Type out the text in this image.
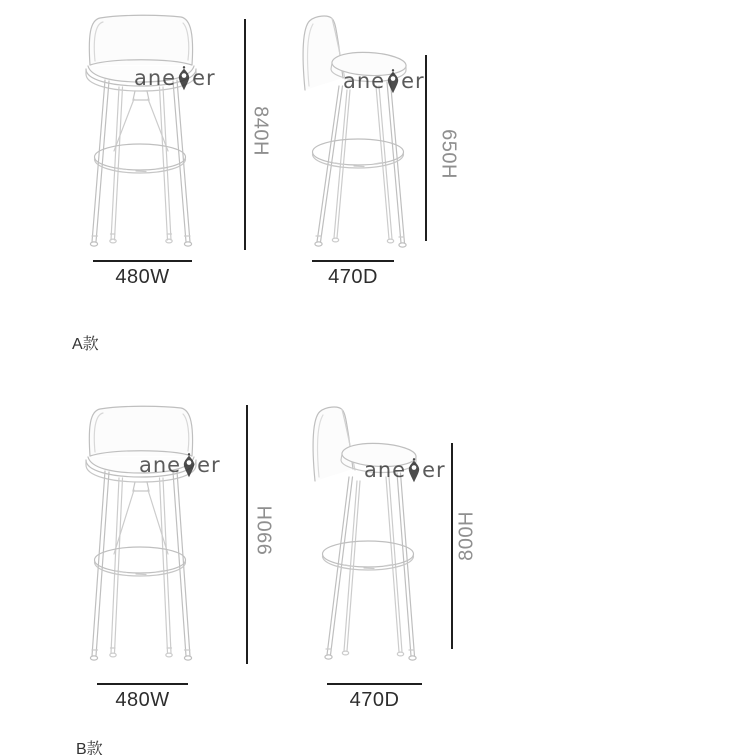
ane er
840H
ane er
650H
480W	470D
A款
ane er
990H
ane er
800H
480W	470D
B款
